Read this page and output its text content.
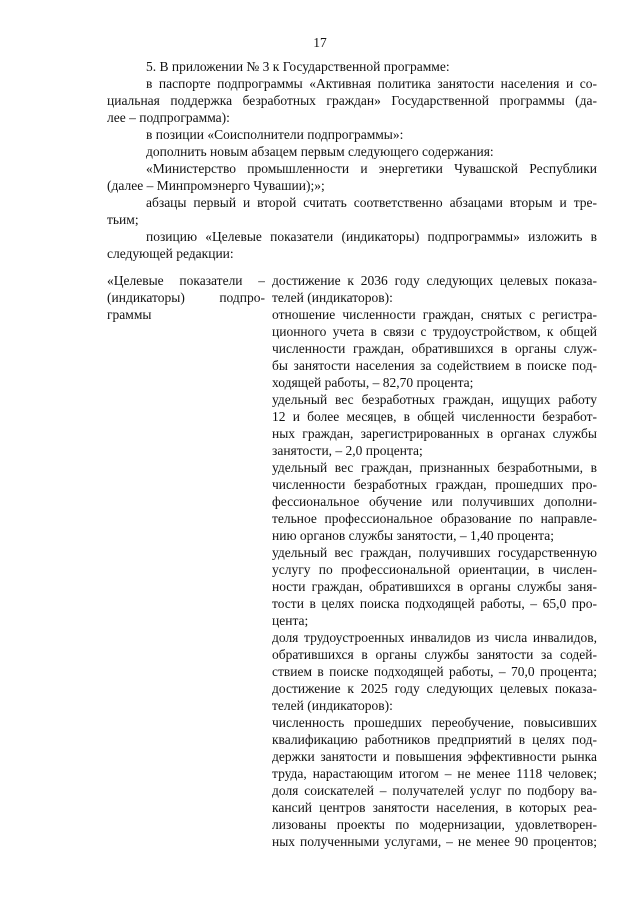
17
5. В приложении № 3 к Государственной программе:
в паспорте подпрограммы «Активная политика занятости населения и со-
циальная поддержка безработных граждан» Государственной программы (да-
лее – подпрограмма):
в позиции «Соисполнители подпрограммы»:
дополнить новым абзацем первым следующего содержания:
«Министерство промышленности и энергетики Чувашской Республики
(далее – Минпромэнерго Чувашии);»;
абзацы первый и второй считать соответственно абзацами вторым и тре-
тьим;
позицию «Целевые показатели (индикаторы) подпрограммы» изложить в
следующей редакции:
«Целевые показатели –
(индикаторы) подпро-
граммы
достижение к 2036 году следующих целевых показа-
телей (индикаторов):
отношение численности граждан, снятых с регистра-
ционного учета в связи с трудоустройством, к общей
численности граждан, обратившихся в органы служ-
бы занятости населения за содействием в поиске под-
ходящей работы, – 82,70 процента;
удельный вес безработных граждан, ищущих работу
12 и более месяцев, в общей численности безработ-
ных граждан, зарегистрированных в органах службы
занятости, – 2,0 процента;
удельный вес граждан, признанных безработными, в
численности безработных граждан, прошедших про-
фессиональное обучение или получивших дополни-
тельное профессиональное образование по направле-
нию органов службы занятости, – 1,40 процента;
удельный вес граждан, получивших государственную
услугу по профессиональной ориентации, в числен-
ности граждан, обратившихся в органы службы заня-
тости в целях поиска подходящей работы, – 65,0 про-
цента;
доля трудоустроенных инвалидов из числа инвалидов,
обратившихся в органы службы занятости за содей-
ствием в поиске подходящей работы, – 70,0 процента;
достижение к 2025 году следующих целевых показа-
телей (индикаторов):
численность прошедших переобучение, повысивших
квалификацию работников предприятий в целях под-
держки занятости и повышения эффективности рынка
труда, нарастающим итогом – не менее 1118 человек;
доля соискателей – получателей услуг по подбору ва-
кансий центров занятости населения, в которых реа-
лизованы проекты по модернизации, удовлетворен-
ных полученными услугами, – не менее 90 процентов;
